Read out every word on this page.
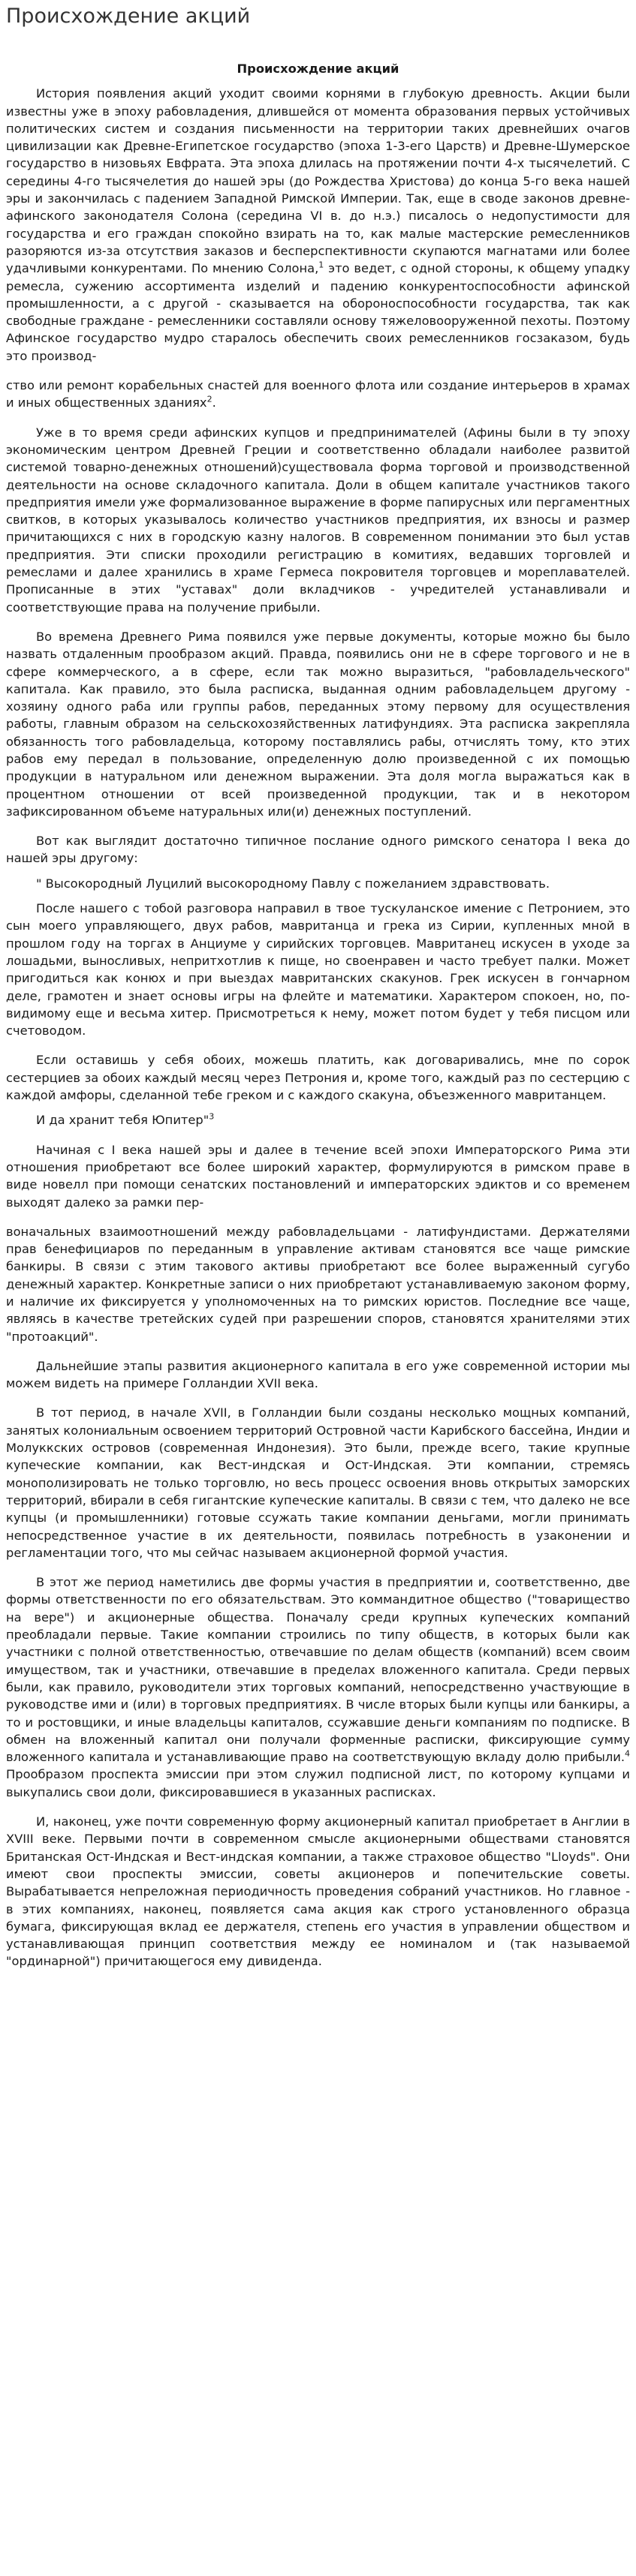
Происхождение акций
Происхождение акций

История появления акций уходит своими корнями в глубокую древность. Акции были известны уже в эпоху рабовладения, длившейся от момента образования первых устойчивых политических систем и создания письменности на территории таких древнейших очагов цивилизации как Древне-Египетское государство (эпоха 1-3-его Царств) и Древне-Шумерское государство в низовьях Евфрата. Эта эпоха длилась на протяжении почти 4-х тысячелетий. С середины 4-го тысячелетия до нашей эры (до Рождества Христова) до конца 5-го века нашей эры и закончилась с падением Западной Римской Империи. Так, еще в своде законов древне-афинского законодателя Солона (середина VI в. до н.э.) писалось о недопустимости для государства и его граждан спокойно взирать на то, как малые мастерские ремесленников разоряются из-за отсутствия заказов и бесперспективности скупаются магнатами или более удачливыми конкурентами. По мнению Солона,$^1$ это ведет, с одной стороны, к общему упадку ремесла, сужению ассортимента изделий и падению конкурентоспособности афинской промышленности, а с другой - сказывается на обороноспособности государства, так как свободные граждане - ремесленники составляли основу тяжеловооруженной пехоты. Поэтому Афинское государство мудро старалось обеспечить своих ремесленников госзаказом, будь это производ-

ство или ремонт корабельных снастей для военного флота или создание интерьеров в храмах и иных общественных зданиях$^2$.

Уже в то время среди афинских купцов и предпринимателей (Афины были в ту эпоху экономическим центром Древней Греции и соответственно обладали наиболее развитой системой товарно-денежных отношений)существовала форма торговой и производственной деятельности на основе складочного капитала. Доли в общем капитале участников такого предприятия имели уже формализованное выражение в форме папирусных или пергаментных свитков, в которых указывалось количество участников предприятия, их взносы и размер причитающихся с них в городскую казну налогов. В современном понимании это был устав предприятия. Эти списки проходили регистрацию в комитиях, ведавших торговлей и ремеслами и далее хранились в храме Гермеса покровителя торговцев и мореплавателей. Прописанные в этих "уставах" доли вкладчиков - учредителей устанавливали и соответствующие права на получение прибыли.

Во времена Древнего Рима появился уже первые документы, которые можно бы было назвать отдаленным прообразом акций. Правда, появились они не в сфере торгового и не в сфере коммерческого, а в сфере, если так можно выразиться, "рабовладельческого" капитала. Как правило, это была расписка, выданная одним рабовладельцем другому - хозяину одного раба или группы рабов, переданных этому первому для осуществления работы, главным образом на сельскохозяйственных латифундиях. Эта расписка закрепляла обязанность того рабовладельца, которому поставлялись рабы, отчислять тому, кто этих рабов ему передал в пользование, определенную долю произведенной с их помощью продукции в натуральном или денежном выражении. Эта доля могла выражаться как в процентном отношении от всей произведенной продукции, так и в некотором зафиксированном объеме натуральных или(и) денежных поступлений.

Вот как выглядит достаточно типичное послание одного римского сенатора I века до нашей эры другому:

" Высокородный Луцилий высокородному Павлу с пожеланием здравствовать.

После нашего с тобой разговора направил в твое тускуланское имение с Петронием, это сын моего управляющего, двух рабов, мавританца и грека из Сирии, купленных мной в прошлом году на торгах в Анциуме у сирийских торговцев. Мавританец искусен в уходе за лошадьми, выносливых, непритхотлив к пище, но своенравен и часто требует палки. Может пригодиться как конюх и при выездах мавританских скакунов. Грек искусен в гончарном деле, грамотен и знает основы игры на флейте и математики. Характером спокоен, но, по-видимому еще и весьма хитер. Присмотреться к нему, может потом будет у тебя писцом или счетоводом.

Если оставишь у себя обоих, можешь платить, как договаривались, мне по сорок сестерциев за обоих каждый месяц через Петрония и, кроме того, каждый раз по сестерцию с каждой амфоры, сделанной тебе греком и с каждого скакуна, объезженного мавританцем.

И да хранит тебя Юпитер"$^3$

Начиная с I века нашей эры и далее в течение всей эпохи Императорского Рима эти отношения приобретают все более широкий характер, формулируются в римском праве в виде новелл при помощи сенатских постановлений и императорских эдиктов и со временем выходят далеко за рамки пер-

воначальных взаимоотношений между рабовладельцами - латифундистами. Держателями прав бенефициаров по переданным в управление активам становятся все чаще римские банкиры. В связи с этим такового активы приобретают все более выраженный сугубо денежный характер. Конкретные записи о них приобретают устанавливаемую законом форму, и наличие их фиксируется у уполномоченных на то римских юристов. Последние все чаще, являясь в качестве третейских судей при разрешении споров, становятся хранителями этих "протоакций".

Дальнейшие этапы развития акционерного капитала в его уже современной истории мы можем видеть на примере Голландии XVII века.

В тот период, в начале XVII, в Голландии были созданы несколько мощных компаний, занятых колониальным освоением территорий Островной части Карибского бассейна, Индии и Молуккских островов (современная Индонезия). Это были, прежде всего, такие крупные купеческие компании, как Вест-индская и Ост-Индская. Эти компании, стремясь монополизировать не только торговлю, но весь процесс освоения вновь открытых заморских территорий, вбирали в себя гигантские купеческие капиталы. В связи с тем, что далеко не все купцы (и промышленники) готовые ссужать такие компании деньгами, могли принимать непосредственное участие в их деятельности, появилась потребность в узаконении и регламентации того, что мы сейчас называем акционерной формой участия.

В этот же период наметились две формы участия в предприятии и, соответственно, две формы ответственности по его обязательствам. Это коммандитное общество ("товарищество на вере") и акционерные общества. Поначалу среди крупных купеческих компаний преобладали первые. Такие компании строились по типу обществ, в которых были как участники с полной ответственностью, отвечавшие по делам обществ (компаний) всем своим имуществом, так и участники, отвечавшие в пределах вложенного капитала. Среди первых были, как правило, руководители этих торговых компаний, непосредственно участвующие в руководстве ими и (или) в торговых предприятиях. В числе вторых были купцы или банкиры, а то и ростовщики, и иные владельцы капиталов, ссужавшие деньги компаниям по подписке. В обмен на вложенный капитал они получали форменные расписки, фиксирующие сумму вложенного капитала и устанавливающие право на соответствующую вкладу долю прибыли.$^4$ Прообразом проспекта эмиссии при этом служил подписной лист, по которому купцами и выкупались свои доли, фиксировавшиеся в указанных расписках.

И, наконец, уже почти современную форму акционерный капитал приобретает в Англии в XVIII веке. Первыми почти в современном смысле акционерными обществами становятся Британская Ост-Индская и Вест-индская компании, а также страховое общество "Lloyds". Они имеют свои проспекты эмиссии, советы акционеров и попечительские советы. Вырабатывается непреложная периодичность проведения собраний участников. Но главное - в этих компаниях, наконец, появляется сама акция как строго установленного образца бумага, фиксирующая вклад ее держателя, степень его участия в управлении обществом и устанавливающая принцип соответствия между ее номиналом и (так называемой "ординарной") причитающегося ему дивиденда.
